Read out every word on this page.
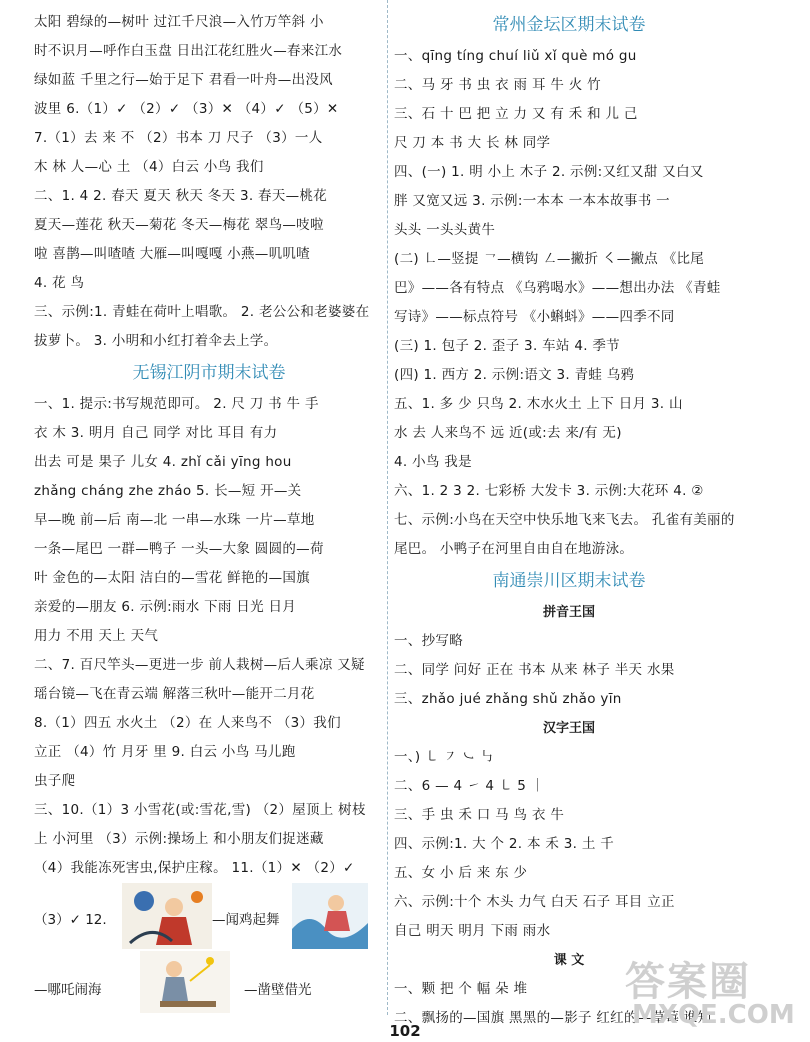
太阳 碧绿的—树叶 过江千尺浪—入竹万竿斜 小
时不识月—呼作白玉盘 日出江花红胜火—春来江水
绿如蓝 千里之行—始于足下 君看一叶舟—出没风
波里 6.（1）✓ （2）✓ （3）✕ （4）✓ （5）✕
7.（1）去 来 不 （2）书本 刀 尺子 （3）一人
木 林 人—心 土 （4）白云 小鸟 我们
二、1. 4 2. 春天 夏天 秋天 冬天 3. 春天—桃花
夏天—莲花 秋天—菊花 冬天—梅花 翠鸟—吱啦
啦 喜鹊—叫喳喳 大雁—叫嘎嘎 小燕—叽叽喳
4. 花 鸟
三、示例:1. 青蛙在荷叶上唱歌。 2. 老公公和老婆婆在
拔萝卜。 3. 小明和小红打着伞去上学。
无锡江阴市期末试卷
一、1. 提示:书写规范即可。 2. 尺 刀 书 牛 手
衣 木 3. 明月 自己 同学 对比 耳目 有力
出去 可是 果子 儿女 4. zhǐ cǎi yīng hou
zhǎng cháng zhe zháo 5. 长—短 开—关
早—晚 前—后 南—北 一串—水珠 一片—草地
一条—尾巴 一群—鸭子 一头—大象 圆圆的—荷
叶 金色的—太阳 洁白的—雪花 鲜艳的—国旗
亲爱的—朋友 6. 示例:雨水 下雨 日光 日月
用力 不用 天上 天气
二、7. 百尺竿头—更进一步 前人栽树—后人乘凉 又疑
瑶台镜—飞在青云端 解落三秋叶—能开二月花
8.（1）四五 水火土 （2）在 人来鸟不 （3）我们
立正 （4）竹 月牙 里 9. 白云 小鸟 马儿跑
虫子爬
三、10.（1）3 小雪花(或:雪花,雪) （2）屋顶上 树枝
上 小河里 （3）示例:操场上 和小朋友们捉迷藏
（4）我能冻死害虫,保护庄稼。 11.（1）✕ （2）✓
（3）✓ 12.	—闻鸡起舞
—哪吒闹海	—凿壁借光
常州金坛区期末试卷
一、qīng tíng chuí liǔ xǐ què mó gu
二、马 牙 书 虫 衣 雨 耳 牛 火 竹
三、石 十 巴 把 立 力 又 有 禾 和 儿 己
尺 刀 本 书 大 长 林 同学
四、(一) 1. 明 小上 木子 2. 示例:又红又甜 又白又
胖 又宽又远 3. 示例:一本本 一本本故事书 一
头头 一头头黄牛
(二) ㇗—竖提 ㇖—横钩 ㇜—撇折 ㇛—撇点 《比尾
巴》——各有特点 《乌鸦喝水》——想出办法 《青蛙
写诗》——标点符号 《小蝌蚪》——四季不同
(三) 1. 包子 2. 歪子 3. 车站 4. 季节
(四) 1. 西方 2. 示例:语文 3. 青蛙 乌鸦
五、1. 多 少 只鸟 2. 木水火土 上下 日月 3. 山
水 去 人来鸟不 远 近(或:去 来/有 无)
4. 小鸟 我是
六、1. 2 3 2. 七彩桥 大发卡 3. 示例:大花环 4. ②
七、示例:小鸟在天空中快乐地飞来飞去。 孔雀有美丽的
尾巴。 小鸭子在河里自由自在地游泳。
南通崇川区期末试卷
拼音王国
一、抄写略
二、同学 问好 正在 书本 从来 林子 半天 水果
三、zhǎo jué zhǎng shǔ zhǎo yīn
汉字王国
一、) ㇄ ㇇ ㇃ ㇉
二、6 — 4 ㇀ 4 ㇄ 5 ｜
三、手 虫 禾 口 马 鸟 衣 牛
四、示例:1. 大 个 2. 本 禾 3. 土 千
五、女 小 后 来 东 少
六、示例:十个 木头 力气 白天 石子 耳目 立正
自己 明天 明月 下雨 雨水
课 文
一、颗 把 个 幅 朵 堆
二、飘扬的—国旗 黑黑的—影子 红红的—草莓 谁知
102
答案圈
MXQE.COM
